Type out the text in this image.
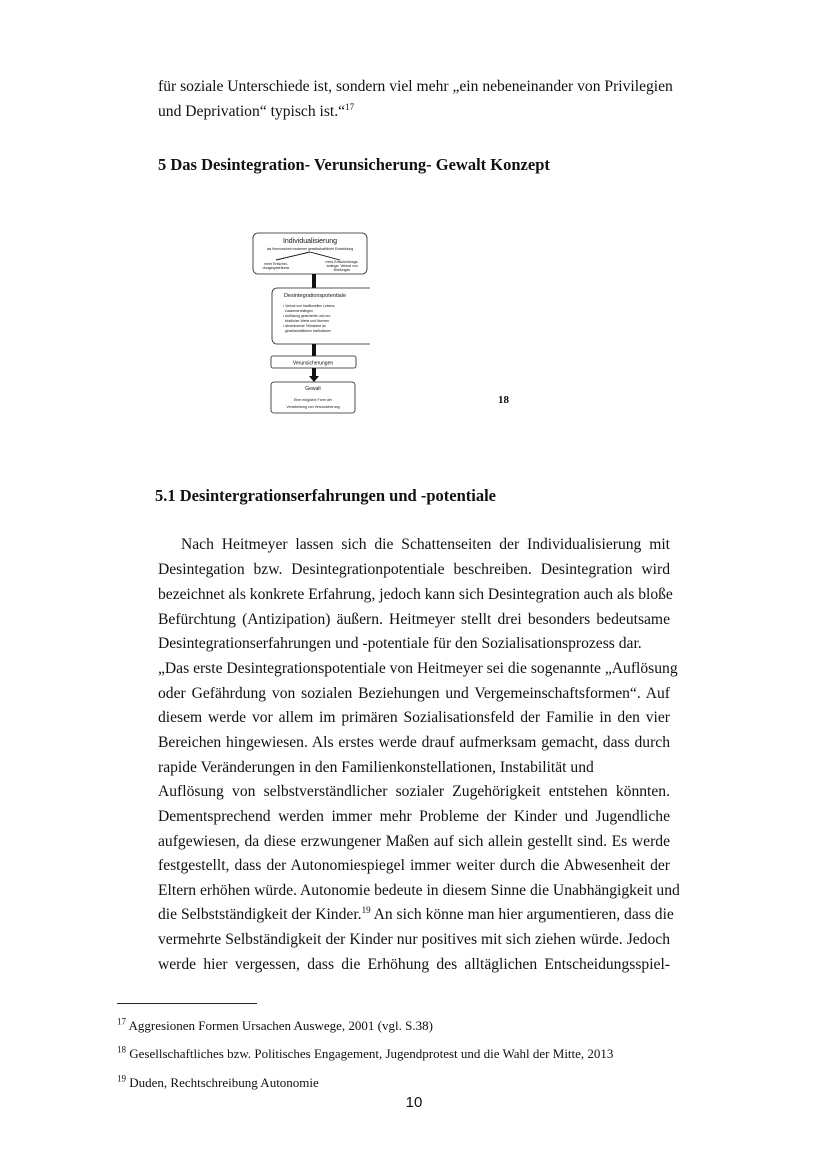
für soziale Unterschiede ist, sondern viel mehr „ein nebeneinander von Privilegien
und Deprivation“ typisch ist.“$^{17}$
5 Das Desintegration- Verunsicherung- Gewalt Konzept
Individualisierung
als Kennzeichen moderner gesellschaftlicher Entwicklung
mehr Entschei-
dungsspielräume
mehr Entscheidungs-
zwänge, Verlust von
Bindungen
Desintegrationspotentiale
• Verlust von traditionellen Lebens-
zusammenhängen
• Auflösung gesicherter und ver-
bindlicher Werte und Normen
• abnehmende Teilnahme an
gesellschaftlichen Institutionen
Verunsicherungen
Gewalt
Eine mögliche Form der
Verarbeitung von Verunsicherung
18
5.1 Desintergrationserfahrungen und -potentiale
Nach Heitmeyer lassen sich die Schattenseiten der Individualisierung mit
Desintegation bzw. Desintegrationpotentiale beschreiben. Desintegration wird
bezeichnet als konkrete Erfahrung, jedoch kann sich Desintegration auch als bloße
Befürchtung (Antizipation) äußern. Heitmeyer stellt drei besonders bedeutsame
Desintegrationserfahrungen und -potentiale für den Sozialisationsprozess dar.
„Das erste Desintegrationspotentiale von Heitmeyer sei die sogenannte „Auflösung
oder Gefährdung von sozialen Beziehungen und Vergemeinschaftsformen“. Auf
diesem werde vor allem im primären Sozialisationsfeld der Familie in den vier
Bereichen hingewiesen. Als erstes werde drauf aufmerksam gemacht, dass durch
rapide Veränderungen in den Familienkonstellationen, Instabilität und
Auflösung von selbstverständlicher sozialer Zugehörigkeit entstehen könnten.
Dementsprechend werden immer mehr Probleme der Kinder und Jugendliche
aufgewiesen, da diese erzwungener Maßen auf sich allein gestellt sind. Es werde
festgestellt, dass der Autonomiespiegel immer weiter durch die Abwesenheit der
Eltern erhöhen würde. Autonomie bedeute in diesem Sinne die Unabhängigkeit und
die Selbstständigkeit der Kinder.$^{19}$ An sich könne man hier argumentieren, dass die
vermehrte Selbständigkeit der Kinder nur positives mit sich ziehen würde. Jedoch
werde hier vergessen, dass die Erhöhung des alltäglichen Entscheidungsspiel-
$^{17}$ Aggresionen Formen Ursachen Auswege, 2001 (vgl. S.38)
$^{18}$ Gesellschaftliches bzw. Politisches Engagement, Jugendprotest und die Wahl der Mitte, 2013
$^{19}$ Duden, Rechtschreibung Autonomie
10
